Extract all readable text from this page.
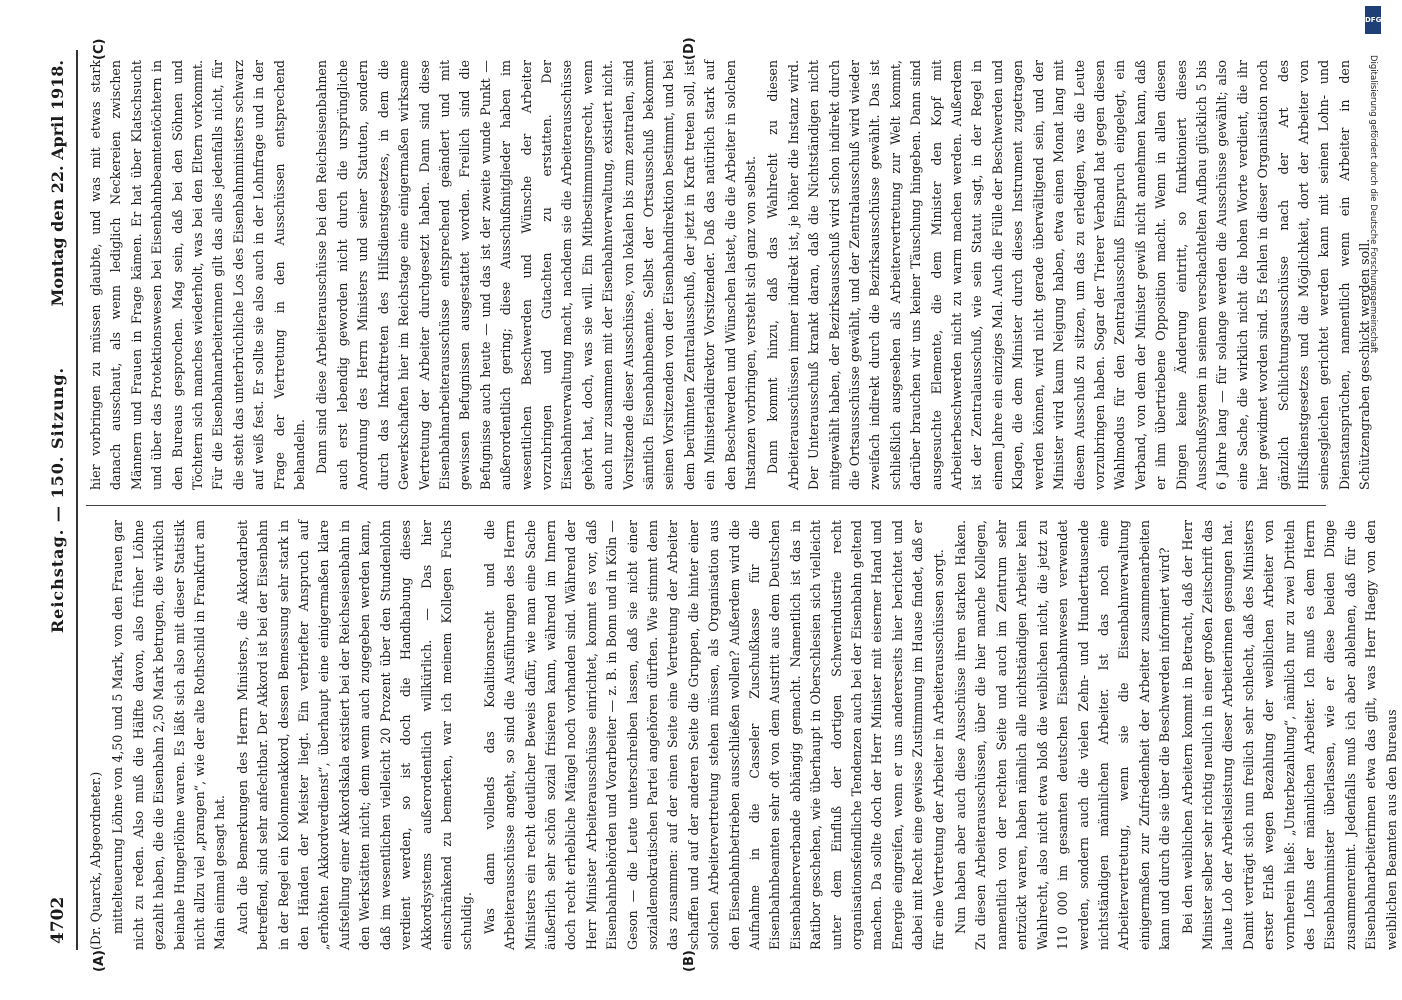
4702
Reichstag. — 150. Sitzung.
Montag den 22. April 1918.
(A)	(B)
(C)	(D)

(Dr. Quarck, Abgeordneter.) mittelteuerung Löhne von 4,50 und 5 Mark, von den Frauen gar nicht zu reden. Also muß die Hälfte davon, also früher Löhne gezahlt haben, die die Eisenbahn 2,50 Mark betrugen, die wirklich beinahe Hungerlöhne waren. Es läßt sich also mit dieser Statistik nicht allzu viel „prangen“, wie der alte Rothschild in Frankfurt am Main einmal gesagt hat. Auch die Bemerkungen des Herrn Ministers, die Akkordarbeit betreffend, sind sehr anfechtbar. Der Akkord ist bei der Eisenbahn in der Regel ein Kolonnenakkord, dessen Bemessung sehr stark in den Händen der Meister liegt. Ein verbriefter Anspruch auf „erhöhten Akkordverdienst“, überhaupt eine einigermaßen klare Aufstellung einer Akkordskala existiert bei der Reichseisenbahn in den Werkstätten nicht; denn wenn auch zugegeben werden kann, daß im wesentlichen vielleicht 20 Prozent über den Stundenlohn verdient werden, so ist doch die Handhabung dieses Akkordsystems außerordentlich willkürlich. — Das hier einschränkend zu bemerken, war ich meinem Kollegen Fuchs schuldig. Was dann vollends das Koalitionsrecht und die Arbeiterausschüsse angeht, so sind die Ausführungen des Herrn Ministers ein recht deutlicher Beweis dafür, wie man eine Sache äußerlich sehr schön sozial frisieren kann, während im Innern doch recht erhebliche Mängel noch vorhanden sind. Während der Herr Minister Arbeiterausschüsse einrichtet, kommt es vor, daß Eisenbahnbehörden und Vorarbeiter — z. B. in Bonn und in Köln — Geson — die Leute unterschreiben lassen, daß sie nicht einer sozialdemokratischen Partei angehören dürften. Wie stimmt denn das zusammen: auf der einen Seite eine Vertretung der Arbeiter schaffen und auf der anderen Seite die Gruppen, die hinter einer solchen Arbeitervertretung stehen müssen, als Organisation aus den Eisenbahnbetrieben ausschließen wollen? Außerdem wird die Aufnahme in die Casseler Zuschußkasse für die Eisenbahnbeamten sehr oft von dem Austritt aus dem Deutschen Eisenbahnerverbande abhängig gemacht. Namentlich ist das in Ratibor geschehen, wie überhaupt in Oberschlesien sich vielleicht unter dem Einfluß der dortigen Schwerindustrie recht organisationsfeindliche Tendenzen auch bei der Eisenbahn geltend machen. Da sollte doch der Herr Minister mit eiserner Hand und Energie eingreifen, wenn er uns andererseits hier berichtet und dabei mit Recht eine gewisse Zustimmung im Hause findet, daß er für eine Vertretung der Arbeiter in Arbeiterausschüssen sorgt. Nun haben aber auch diese Ausschüsse ihren starken Haken. Zu diesen Arbeiterausschüssen, über die hier manche Kollegen, namentlich von der rechten Seite und auch im Zentrum sehr entzückt waren, haben nämlich alle nichtständigen Arbeiter kein Wahlrecht, also nicht etwa bloß die weiblichen nicht, die jetzt zu 110 000 im gesamten deutschen Eisenbahnwesen verwendet werden, sondern auch die vielen Zehn- und Hunderttausende nichtständigen männlichen Arbeiter. Ist das noch eine Arbeitervertretung, wenn sie die Eisenbahnverwaltung einigermaßen zur Zufriedenheit der Arbeiter zusammenarbeiten kann und durch die sie über die Beschwerden informiert wird? Bei den weiblichen Arbeitern kommt in Betracht, daß der Herr Minister selber sehr richtig neulich in einer großen Zeitschrift das laute Lob der Arbeitsleistung dieser Arbeiterinnen gesungen hat. Damit verträgt sich nun freilich sehr schlecht, daß des Ministers erster Erlaß wegen Bezahlung der weiblichen Arbeiter von vornherein hieß: „Unterbezahlung“, nämlich nur zu zwei Dritteln des Lohns der männlichen Arbeiter. Ich muß es dem Herrn Eisenbahnminister überlassen, wie er diese beiden Dinge zusammenreimt. Jedenfalls muß ich aber ablehnen, daß für die Eisenbahnarbeiterinnen etwa das gilt, was Herr Haegy von den weiblichen Beamten aus den Bureaus

hier vorbringen zu müssen glaubte, und was mit etwas stark danach ausschaut, als wenn lediglich Neckereien zwischen Männern und Frauen in Frage kämen. Er hat über Klatschsucht und über das Protektionswesen bei Eisenbahnbeamtentöchtern in den Bureaus gesprochen. Mag sein, daß bei den Söhnen und Töchtern sich manches wiederholt, was bei den Eltern vorkommt. Für die Eisenbahnarbeiterinnen gilt das alles jedenfalls nicht, für die steht das unterbrüchliche Los des Eisenbahnministers schwarz auf weiß fest. Er sollte sie also auch in der Lohnfrage und in der Frage der Vertretung in den Ausschüssen entsprechend behandeln. Dann sind diese Arbeiterausschüsse bei den Reichseisenbahnen auch erst lebendig geworden nicht durch die ursprüngliche Anordnung des Herrn Ministers und seiner Statuten, sondern durch das Inkrafttreten des Hilfsdienstgesetzes, in dem die Gewerkschaften hier im Reichstage eine einigermaßen wirksame Vertretung der Arbeiter durchgesetzt haben. Dann sind diese Eisenbahnarbeiterausschüsse entsprechend geändert und mit gewissen Befugnissen ausgestattet worden. Freilich sind die Befugnisse auch heute — und das ist der zweite wunde Punkt — außerordentlich gering; diese Ausschußmitglieder haben im wesentlichen Beschwerden und Wünsche der Arbeiter vorzubringen und Gutachten zu erstatten. Der Eisenbahnverwaltung macht, nachdem sie die Arbeiterausschüsse gehört hat, doch, was sie will. Ein Mitbestimmungsrecht, wenn auch nur zusammen mit der Eisenbahnverwaltung, existiert nicht. Vorsitzende dieser Ausschüsse, von lokalen bis zum zentralen, sind sämtlich Eisenbahnbeamte. Selbst der Ortsausschuß bekommt seinen Vorsitzenden von der Eisenbahndirektion bestimmt, und bei dem berühmten Zentralausschuß, der jetzt in Kraft treten soll, ist ein Ministerialdirektor Vorsitzender. Daß das natürlich stark auf den Beschwerden und Wünschen lastet, die die Arbeiter in solchen Instanzen vorbringen, versteht sich ganz von selbst. Dann kommt hinzu, daß das Wahlrecht zu diesen Arbeiterausschüssen immer indirekt ist, je höher die Instanz wird. Der Unterausschuß krankt daran, daß die Nichtständigen nicht mitgewählt haben, der Bezirksausschuß wird schon indirekt durch die Ortsausschüsse gewählt, und der Zentralausschuß wird wieder zweifach indirekt durch die Bezirksausschüsse gewählt. Das ist schließlich ausgesehen als Arbeitervertretung zur Welt kommt, darüber brauchen wir uns keiner Täuschung hingeben. Dann sind ausgesuchte Elemente, die dem Minister den Kopf mit Arbeiterbeschwerden nicht zu warm machen werden. Außerdem ist der Zentralausschuß, wie sein Statut sagt, in der Regel in einem Jahre ein einziges Mal. Auch die Fülle der Beschwerden und Klagen, die dem Minister durch dieses Instrument zugetragen werden können, wird nicht gerade überwältigend sein, und der Minister wird kaum Neigung haben, etwa einen Monat lang mit diesem Ausschuß zu sitzen, um das zu erledigen, was die Leute vorzubringen haben. Sogar der Trierer Verband hat gegen diesen Wahlmodus für den Zentralausschuß Einspruch eingelegt, ein Verband, von dem der Minister gewiß nicht annehmen kann, daß er ihm übertriebene Opposition macht. Wenn in allen diesen Dingen keine Änderung eintritt, so funktioniert dieses Ausschußsystem in seinem verschachtelten Aufbau glücklich 5 bis 6 Jahre lang — für solange werden die Ausschüsse gewählt; also eine Sache, die wirklich nicht die hohen Worte verdient, die ihr hier gewidmet worden sind. Es fehlen in dieser Organisation noch gänzlich Schlichtungsausschüsse nach der Art des Hilfsdienstgesetzes und die Möglichkeit, dort der Arbeiter von seinesgleichen gerichtet werden kann mit seinen Lohn- und Dienstansprüchen, namentlich wenn ein Arbeiter in den Schützengraben geschickt werden soll.

DFG
Digitalisierung gefördert durch die Deutsche Forschungsgemeinschaft
